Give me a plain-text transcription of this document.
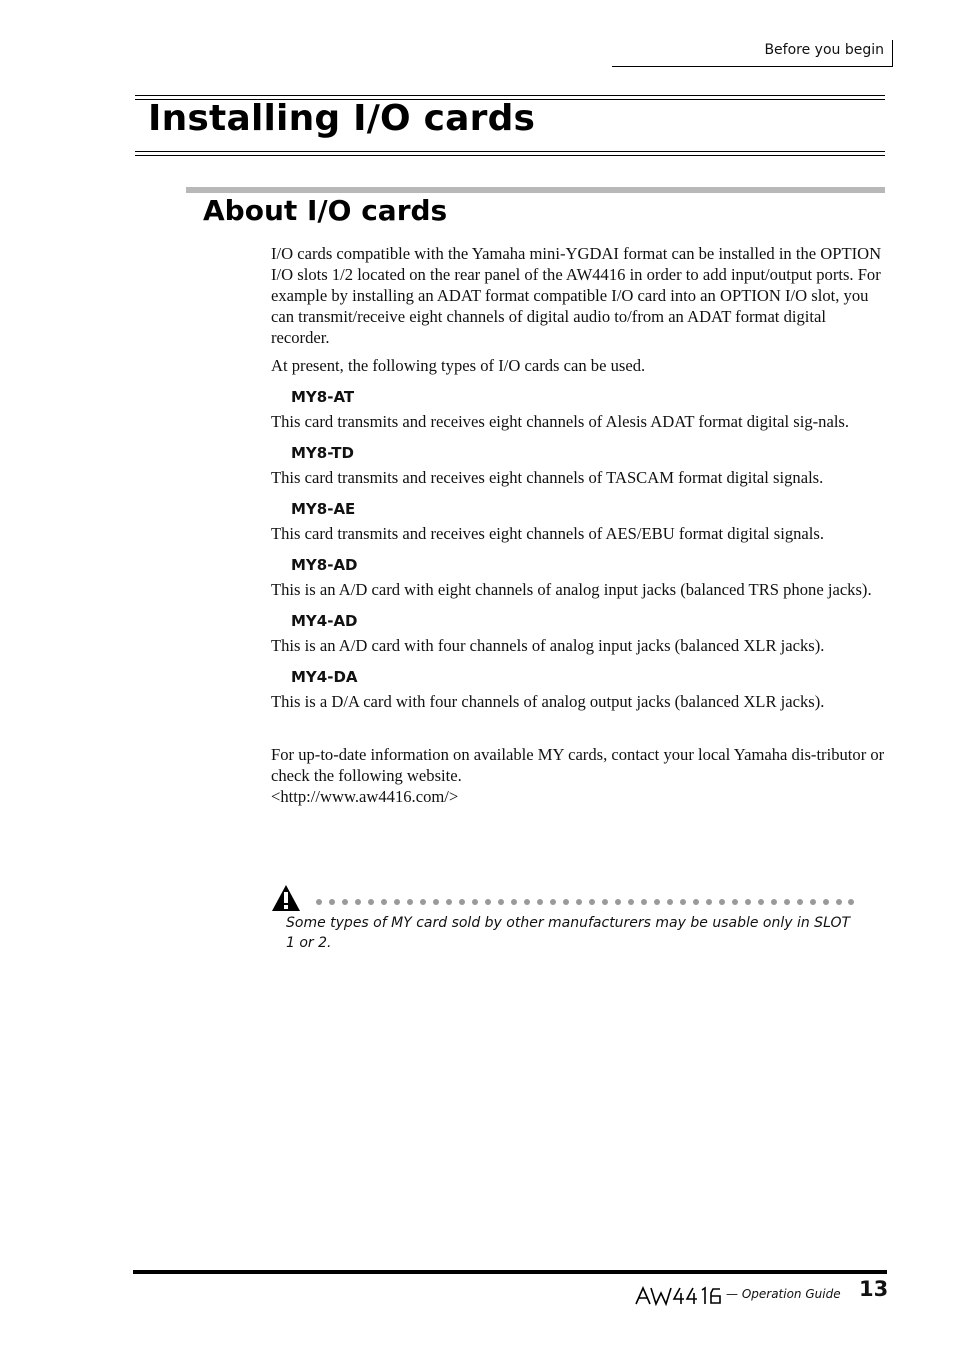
Before you begin
Installing I/O cards
About I/O cards

I/O cards compatible with the Yamaha mini-YGDAI format can be installed in the OPTION I/O slots 1/2 located on the rear panel of the AW4416 in order to add input/output ports. For example by installing an ADAT format compatible I/O card into an OPTION I/O slot, you can transmit/receive eight channels of digital audio to/from an ADAT format digital recorder.

At present, the following types of I/O cards can be used.

MY8-AT

This card transmits and receives eight channels of Alesis ADAT format digital sig-nals.

MY8-TD

This card transmits and receives eight channels of TASCAM format digital signals.

MY8-AE

This card transmits and receives eight channels of AES/EBU format digital signals.

MY8-AD

This is an A/D card with eight channels of analog input jacks (balanced TRS phone jacks).

MY4-AD

This is an A/D card with four channels of analog input jacks (balanced XLR jacks).

MY4-DA

This is a D/A card with four channels of analog output jacks (balanced XLR jacks).

For up-to-date information on available MY cards, contact your local Yamaha dis-tributor or check the following website.

<http://www.aw4416.com/>

Some types of MY card sold by other manufacturers may be usable only in SLOT 1 or 2.

— Operation Guide 13
